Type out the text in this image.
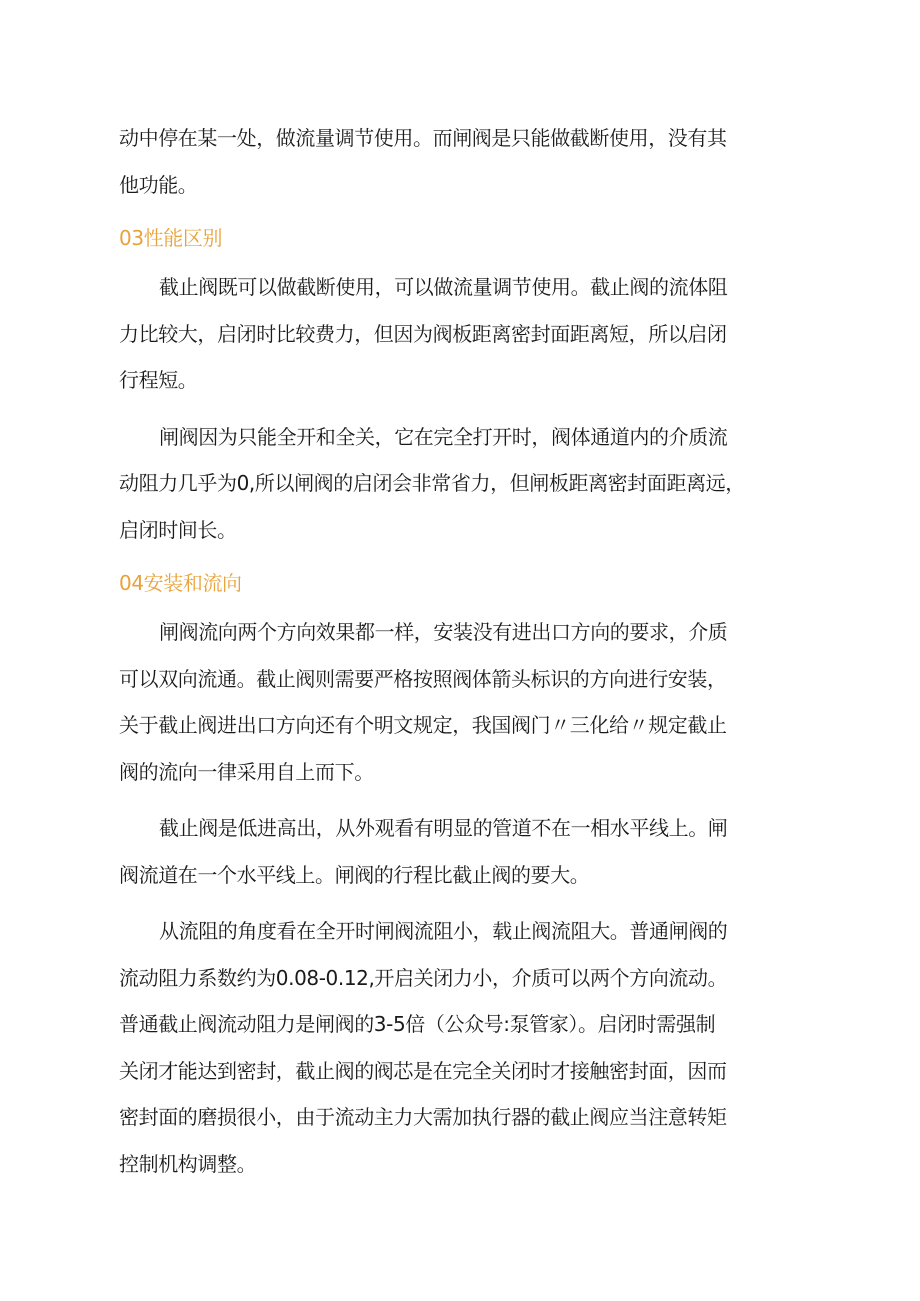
动中停在某一处，做流量调节使用。而闸阀是只能做截断使用，没有其
他功能。
03性能区别
截止阀既可以做截断使用，可以做流量调节使用。截止阀的流体阻
力比较大，启闭时比较费力，但因为阀板距离密封面距离短，所以启闭
行程短。
闸阀因为只能全开和全关，它在完全打开时，阀体通道内的介质流
动阻力几乎为0,所以闸阀的启闭会非常省力，但闸板距离密封面距离远，
启闭时间长。
04安装和流向
闸阀流向两个方向效果都一样，安装没有进出口方向的要求，介质
可以双向流通。截止阀则需要严格按照阀体箭头标识的方向进行安装，
关于截止阀进出口方向还有个明文规定，我国阀门〃三化给〃规定截止
阀的流向一律采用自上而下。
截止阀是低进高出，从外观看有明显的管道不在一相水平线上。闸
阀流道在一个水平线上。闸阀的行程比截止阀的要大。
从流阻的角度看在全开时闸阀流阻小，载止阀流阻大。普通闸阀的
流动阻力系数约为0.08-0.12,开启关闭力小，介质可以两个方向流动。
普通截止阀流动阻力是闸阀的3-5倍（公众号:泵管家）。启闭时需强制
关闭才能达到密封，截止阀的阀芯是在完全关闭时才接触密封面，因而
密封面的磨损很小，由于流动主力大需加执行器的截止阀应当注意转矩
控制机构调整。
